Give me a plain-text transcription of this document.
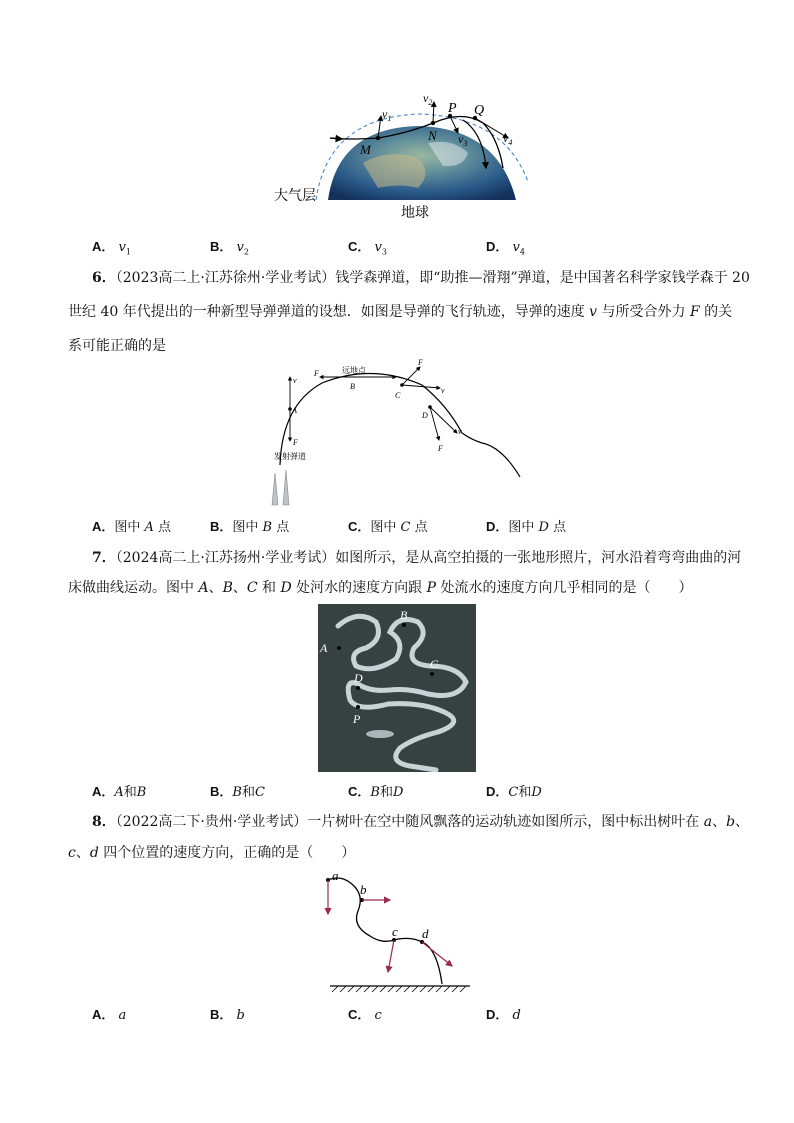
$v_1$
$v_2$
$v_3$	$v_4$
M
N
P Q
大气层
地球
A． $v_1$	B． $v_2$	C． $v_3$	D． $v_4$
6．（2023高二上·江苏徐州·学业考试）钱学森弹道，即“助推—滑翔”弹道，是中国著名科学家钱学森于 20
世纪 40 年代提出的一种新型导弹弹道的设想．如图是导弹的飞行轨迹，导弹的速度 v 与所受合外力 F 的关
系可能正确的是
v
A
F
发射弹道
F	远地点
B
F
v
C
D
v
F
A．图中 A 点	B．图中 B 点	C．图中 C 点	D．图中 D 点
7．（2024高二上·江苏扬州·学业考试）如图所示，是从高空拍摄的一张地形照片，河水沿着弯弯曲曲的河
床做曲线运动。图中 A、B、C 和 D 处河水的速度方向跟 P 处流水的速度方向几乎相同的是（　　）
A
B
C
D
P
A．A和B	B．B和C	C．B和D	D．C和D
8．（2022高二下·贵州·学业考试）一片树叶在空中随风飘落的运动轨迹如图所示，图中标出树叶在 a、b、
c、d 四个位置的速度方向，正确的是（　　）
a
b
c d
A． a	B． b	C． c	D． d
